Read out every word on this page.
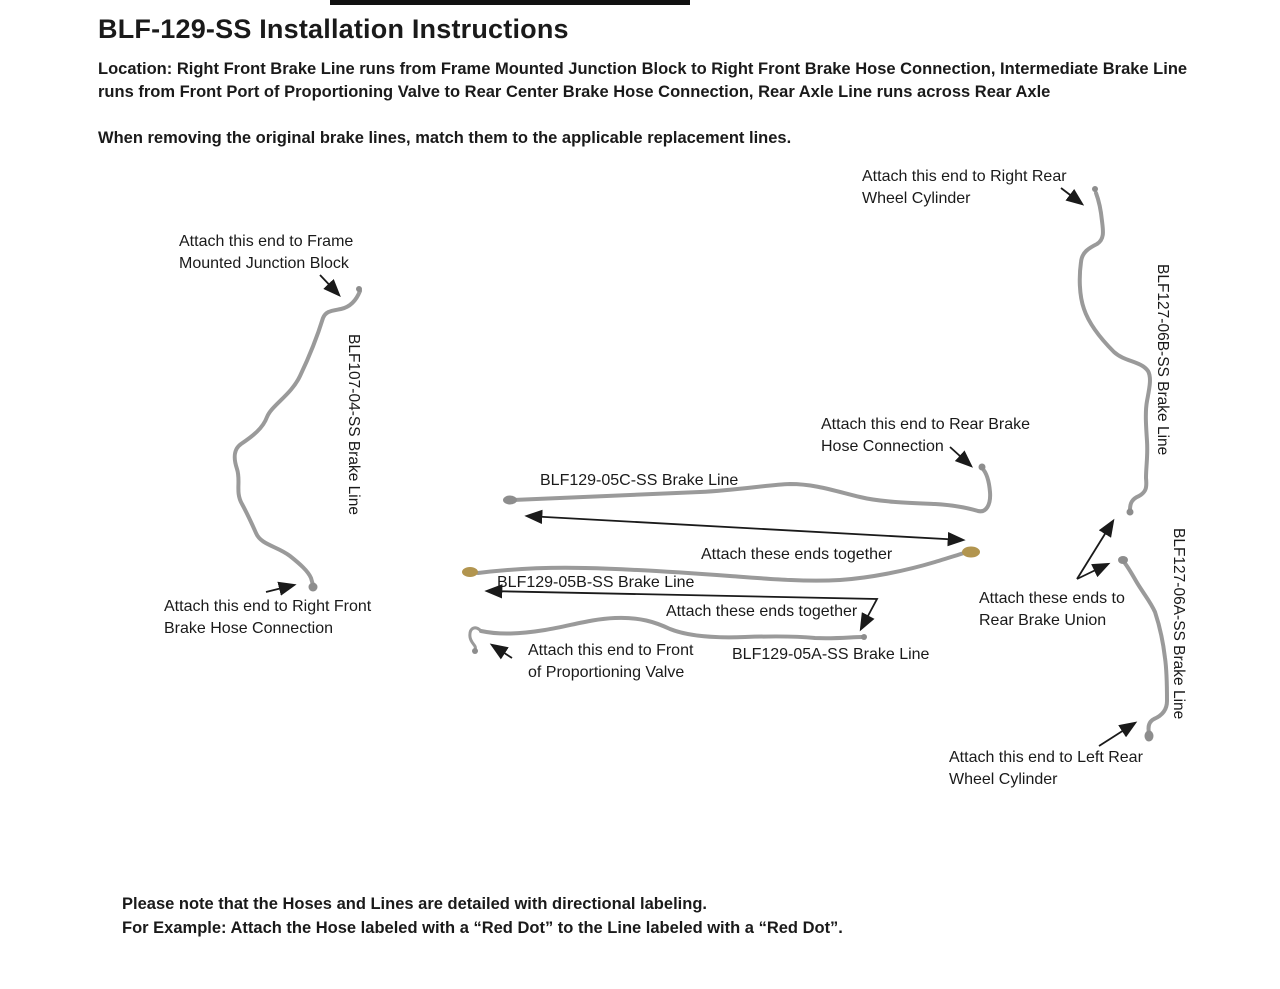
BLF-129-SS Installation Instructions
Location: Right Front Brake Line runs from Frame Mounted Junction Block to Right Front Brake Hose Connection, Intermediate Brake Line
runs from Front Port of Proportioning Valve to Rear Center Brake Hose Connection, Rear Axle Line runs across Rear Axle
When removing the original brake lines, match them to the applicable replacement lines.
Attach this end to Frame
Mounted Junction Block
Attach this end to Right Front
Brake Hose Connection
Attach this end to Right Rear
Wheel Cylinder
Attach this end to Rear Brake
Hose Connection
Attach these ends together
Attach these ends together
Attach this end to Front
of Proportioning Valve
Attach these ends to
Rear Brake Union
Attach this end to Left Rear
Wheel Cylinder
BLF129-05C-SS Brake Line
BLF129-05B-SS Brake Line
BLF129-05A-SS Brake Line
BLF107-04-SS Brake Line	BLF127-06B-SS Brake Line
BLF127-06A-SS Brake Line
Please note that the Hoses and Lines are detailed with directional labeling.
For Example: Attach the Hose labeled with a “Red Dot” to the Line labeled with a “Red Dot”.
